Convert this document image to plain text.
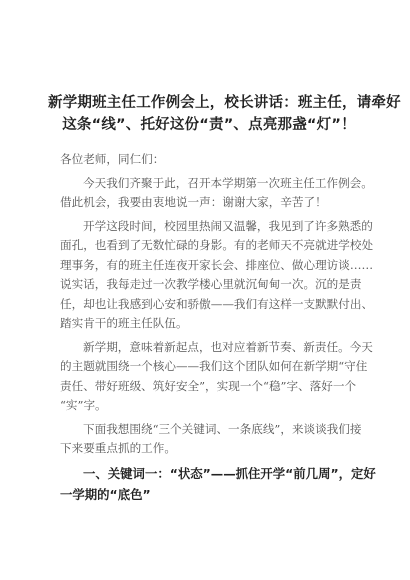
新学期班主任工作例会上，校长讲话：班主任，请牵好
这条“线”、托好这份“责”、点亮那盏“灯”！

各位老师，同仁们：

今天我们齐聚于此，召开本学期第一次班主任工作例会。
借此机会，我要由衷地说一声：谢谢大家，辛苦了！

开学这段时间，校园里热闹又温馨，我见到了许多熟悉的
面孔，也看到了无数忙碌的身影。有的老师天不亮就进学校处
理事务，有的班主任连夜开家长会、排座位、做心理访谈……
说实话，我每走过一次教学楼心里就沉甸甸一次。沉的是责
任，却也让我感到心安和骄傲——我们有这样一支默默付出、
踏实肯干的班主任队伍。

新学期，意味着新起点，也对应着新节奏、新责任。今天
的主题就围绕一个核心——我们这个团队如何在新学期“守住
责任、带好班级、筑好安全”，实现一个“稳”字、落好一个
“实”字。

下面我想围绕“三个关键词、一条底线”，来谈谈我们接
下来要重点抓的工作。

一、关键词一：“状态”——抓住开学“前几周”，定好
一学期的“底色”
